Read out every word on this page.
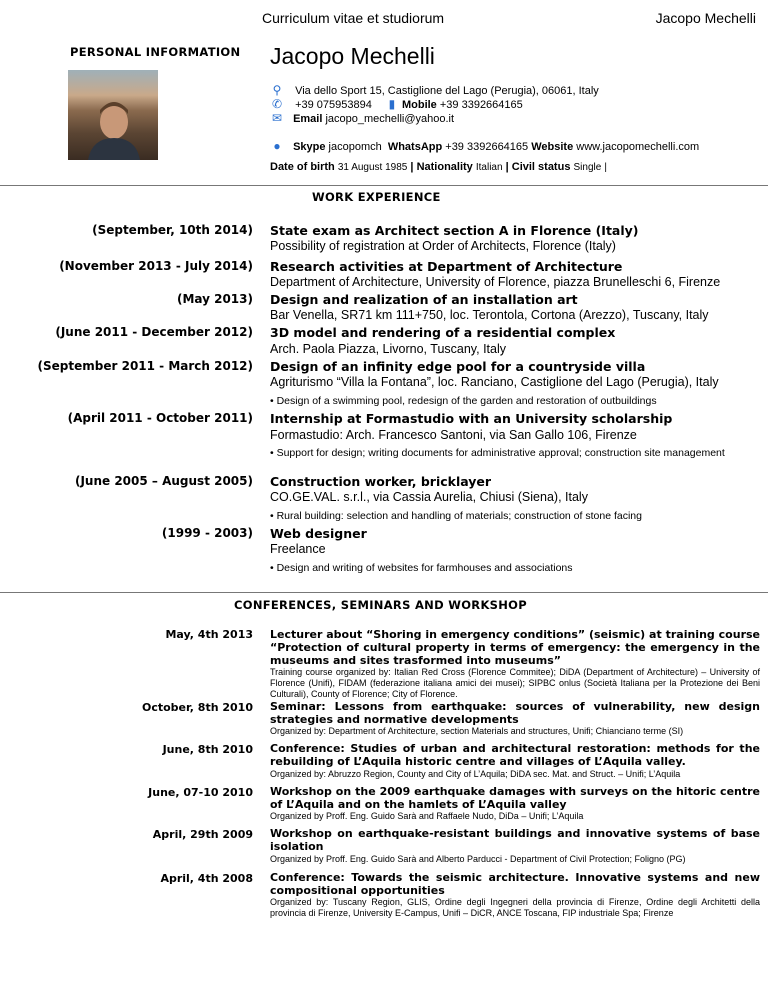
Curriculum vitae et studiorum	Jacopo Mechelli
PERSONAL INFORMATION Jacopo Mechelli
⚲ Via dello Sport 15, Castiglione del Lago (Perugia), 06061, Italy
✆ +39 075953894 ▮ Mobile +39 3392664165
✉ Email jacopo_mechelli@yahoo.it
● Skype jacopomch WhatsApp +39 3392664165 Website www.jacopomechelli.com
Date of birth 31 August 1985 | Nationality Italian | Civil status Single |
WORK EXPERIENCE
(September, 10th 2014) State exam as Architect section A in Florence (Italy)
Possibility of registration at Order of Architects, Florence (Italy)
(November 2013 - July 2014) Research activities at Department of Architecture
Department of Architecture, University of Florence, piazza Brunelleschi 6, Firenze
(May 2013) Design and realization of an installation art
Bar Venella, SR71 km 111+750, loc. Terontola, Cortona (Arezzo), Tuscany, Italy
(June 2011 - December 2012) 3D model and rendering of a residential complex
Arch. Paola Piazza, Livorno, Tuscany, Italy
(September 2011 - March 2012) Design of an infinity edge pool for a countryside villa
Agriturismo “Villa la Fontana”, loc. Ranciano, Castiglione del Lago (Perugia), Italy
• Design of a swimming pool, redesign of the garden and restoration of outbuildings
(April 2011 - October 2011) Internship at Formastudio with an University scholarship
Formastudio: Arch. Francesco Santoni, via San Gallo 106, Firenze
• Support for design; writing documents for administrative approval; construction site management
(June 2005 – August 2005) Construction worker, bricklayer
CO.GE.VAL. s.r.l., via Cassia Aurelia, Chiusi (Siena), Italy
• Rural building: selection and handling of materials; construction of stone facing
(1999 - 2003) Web designer
Freelance
• Design and writing of websites for farmhouses and associations
CONFERENCES, SEMINARS AND WORKSHOP
May, 4th 2013 Lecturer about “Shoring in emergency conditions” (seismic) at training course “Protection of cultural property in terms of emergency: the emergency in the museums and sites trasformed into museums”
Training course organized by: Italian Red Cross (Florence Commitee); DiDA (Department of Architecture) – University of Florence (Unifi), FIDAM (federazione italiana amici dei musei); SIPBC onlus (Società Italiana per la Protezione dei Beni Culturali), County of Florence; City of Florence.
October, 8th 2010 Seminar: Lessons from earthquake: sources of vulnerability, new design strategies and normative developments
Organized by: Department of Architecture, section Materials and structures, Unifi; Chianciano terme (SI)
June, 8th 2010 Conference: Studies of urban and architectural restoration: methods for the rebuilding of L’Aquila historic centre and villages of L’Aquila valley.
Organized by: Abruzzo Region, County and City of L’Aquila; DiDA sec. Mat. and Struct. – Unifi; L’Aquila
June, 07-10 2010 Workshop on the 2009 earthquake damages with surveys on the hitoric centre of L’Aquila and on the hamlets of L’Aquila valley
Organized by Proff. Eng. Guido Sarà and Raffaele Nudo, DiDa – Unifi; L’Aquila
April, 29th 2009 Workshop on earthquake-resistant buildings and innovative systems of base isolation
Organized by Proff. Eng. Guido Sarà and Alberto Parducci - Department of Civil Protection; Foligno (PG)
April, 4th 2008 Conference: Towards the seismic architecture. Innovative systems and new compositional opportunities
Organized by: Tuscany Region, GLIS, Ordine degli Ingegneri della provincia di Firenze, Ordine degli Architetti della provincia di Firenze, University E-Campus, Unifi – DiCR, ANCE Toscana, FIP industriale Spa; Firenze
